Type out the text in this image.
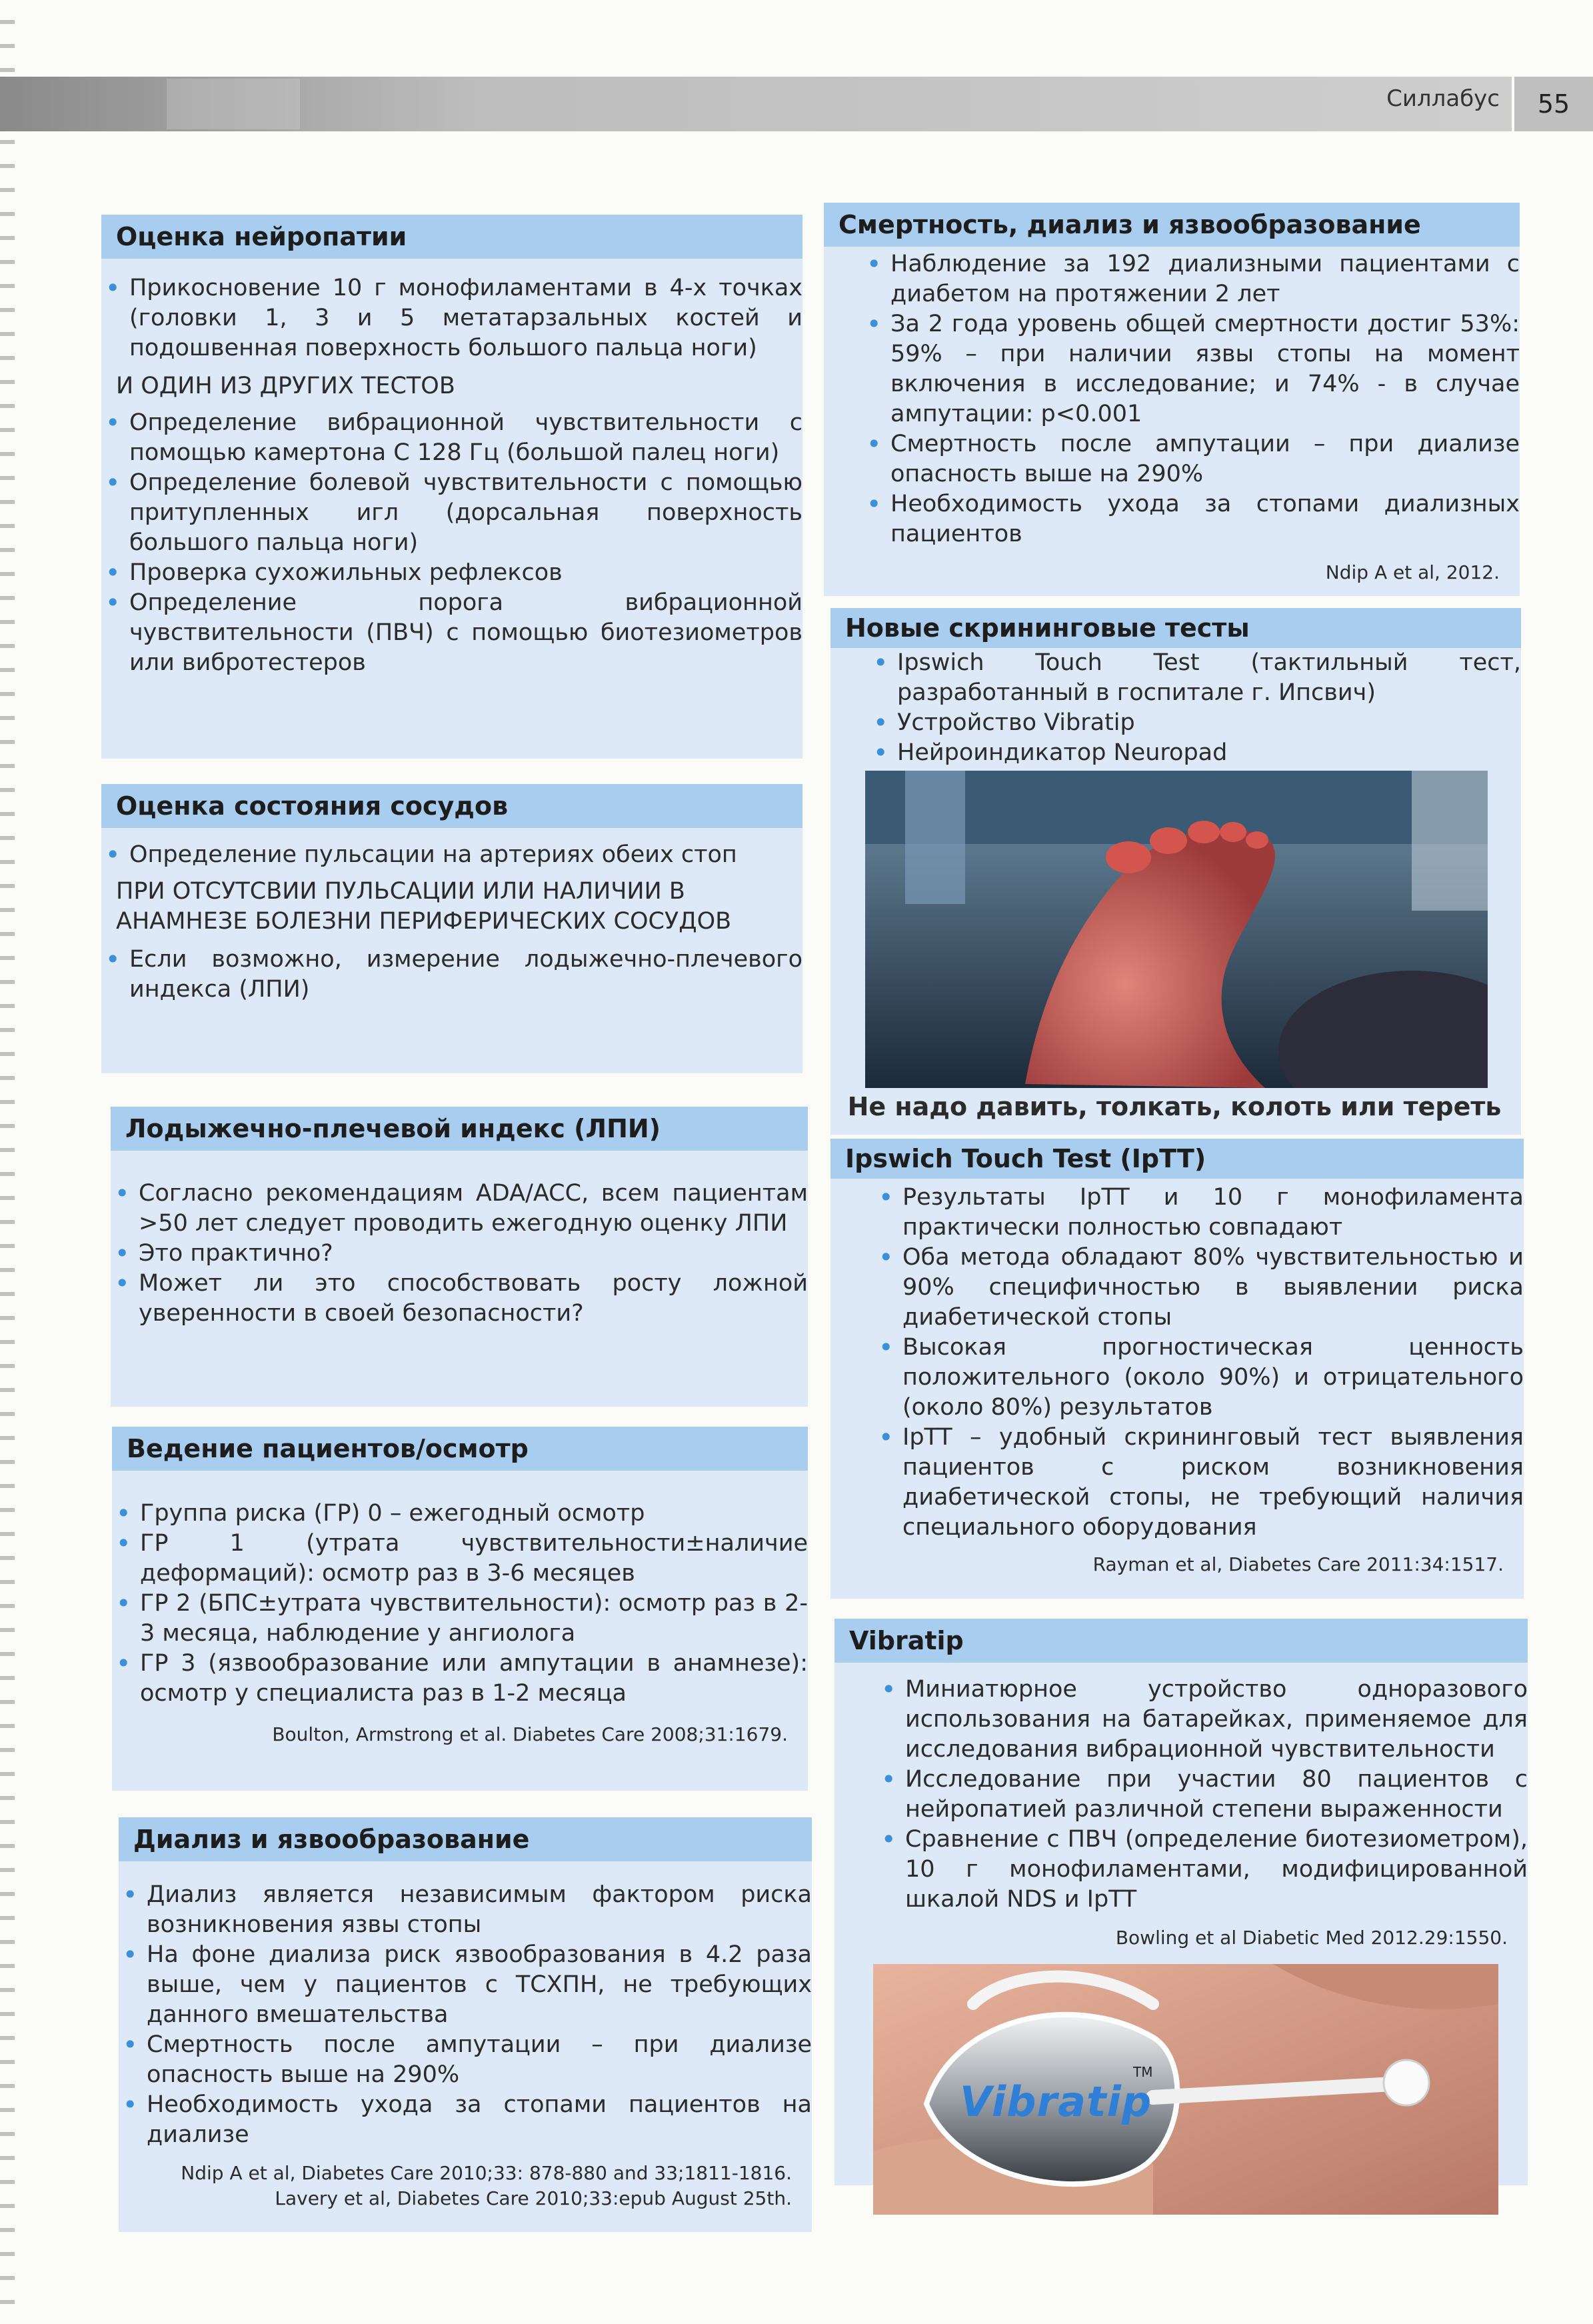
Силлабус	55
Оценка нейропатии
• Прикосновение 10 г монофиламентами в 4-х точках (головки 1, 3 и 5 метатарзальных костей и подошвенная поверхность большого пальца ноги)
И ОДИН ИЗ ДРУГИХ ТЕСТОВ
• Определение вибрационной чувствительности с помощью камертона С 128 Гц (большой палец ноги)
• Определение болевой чувствительности с помощью притупленных игл (дорсальная поверхность большого пальца ноги)
• Проверка сухожильных рефлексов
• Определение порога вибрационной чувствительности (ПВЧ) с помощью биотезиометров или вибротестеров
Оценка состояния сосудов
• Определение пульсации на артериях обеих стоп
ПРИ ОТСУТСВИИ ПУЛЬСАЦИИ ИЛИ НАЛИЧИИ В АНАМНЕЗЕ БОЛЕЗНИ ПЕРИФЕРИЧЕСКИХ СОСУДОВ
• Если возможно, измерение лодыжечно-плечевого индекса (ЛПИ)
Лодыжечно-плечевой индекс (ЛПИ)
• Согласно рекомендациям ADA/ACC, всем пациентам >50 лет следует проводить ежегодную оценку ЛПИ
• Это практично?
• Может ли это способствовать росту ложной уверенности в своей безопасности?
Ведение пациентов/осмотр
• Группа риска (ГР) 0 – ежегодный осмотр
• ГР 1 (утрата чувствительности±наличие деформаций): осмотр раз в 3-6 месяцев
• ГР 2 (БПС±утрата чувствительности): осмотр раз в 2-3 месяца, наблюдение у ангиолога
• ГР 3 (язвообразование или ампутации в анамнезе): осмотр у специалиста раз в 1-2 месяца
Boulton, Armstrong et al. Diabetes Care 2008;31:1679.
Диализ и язвообразование
• Диализ является независимым фактором риска возникновения язвы стопы
• На фоне диализа риск язвообразования в 4.2 раза выше, чем у пациентов с ТСХПН, не требующих данного вмешательства
• Смертность после ампутации – при диализе опасность выше на 290%
• Необходимость ухода за стопами пациентов на диализе
Ndip A et al, Diabetes Care 2010;33: 878-880 and 33;1811-1816.
Lavery et al, Diabetes Care 2010;33:epub August 25th.
Смертность, диализ и язвообразование
• Наблюдение за 192 диализными пациентами с диабетом на протяжении 2 лет
• За 2 года уровень общей смертности достиг 53%: 59% – при наличии язвы стопы на момент включения в исследование; и 74% - в случае ампутации: p<0.001
• Смертность после ампутации – при диализе опасность выше на 290%
• Необходимость ухода за стопами диализных пациентов
Ndip A et al, 2012.
Новые скрининговые тесты
• Ipswich Touch Test (тактильный тест, разработанный в госпитале г. Ипсвич)
• Устройство Vibratip
• Нейроиндикатор Neuropad
Не надо давить, толкать, колоть или тереть
Ipswich Touch Test (IpTT)
• Результаты IpTT и 10 г монофиламента практически полностью совпадают
• Оба метода обладают 80% чувствительностью и 90% специфичностью в выявлении риска диабетической стопы
• Высокая прогностическая ценность положительного (около 90%) и отрицательного (около 80%) результатов
• IpTT – удобный скрининговый тест выявления пациентов с риском возникновения диабетической стопы, не требующий наличия специального оборудования
Rayman et al, Diabetes Care 2011:34:1517.
Vibratip
• Миниатюрное устройство одноразового использования на батарейках, применяемое для исследования вибрационной чувствительности
• Исследование при участии 80 пациентов с нейропатией различной степени выраженности
• Сравнение с ПВЧ (определение биотезиометром), 10 г монофиламентами, модифицированной шкалой NDS и IpTT
Bowling et al Diabetic Med 2012.29:1550.
Vibratip
TM
